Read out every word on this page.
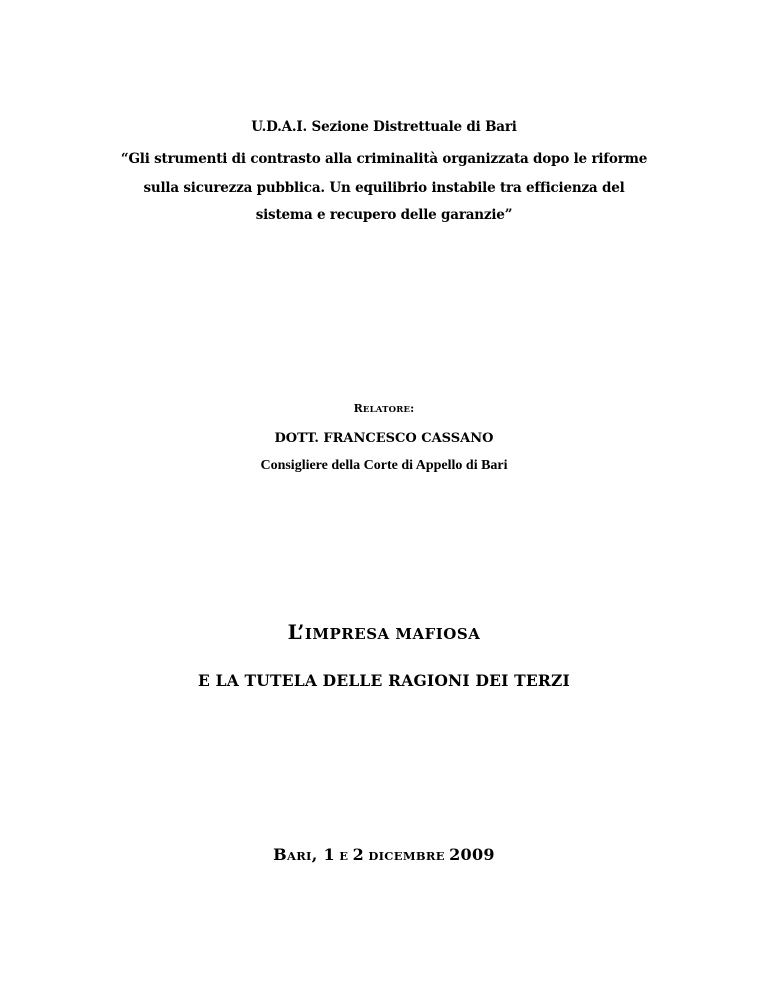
U.D.A.I. Sezione Distrettuale di Bari
“Gli strumenti di contrasto alla criminalità organizzata dopo le riforme
sulla sicurezza pubblica. Un equilibrio instabile tra efficienza del
sistema e recupero delle garanzie”
RELATORE:
DOTT. FRANCESCO CASSANO
Consigliere della Corte di Appello di Bari
L’IMPRESA MAFIOSA
E LA TUTELA DELLE RAGIONI DEI TERZI
BARI, 1 E 2 DICEMBRE 2009
